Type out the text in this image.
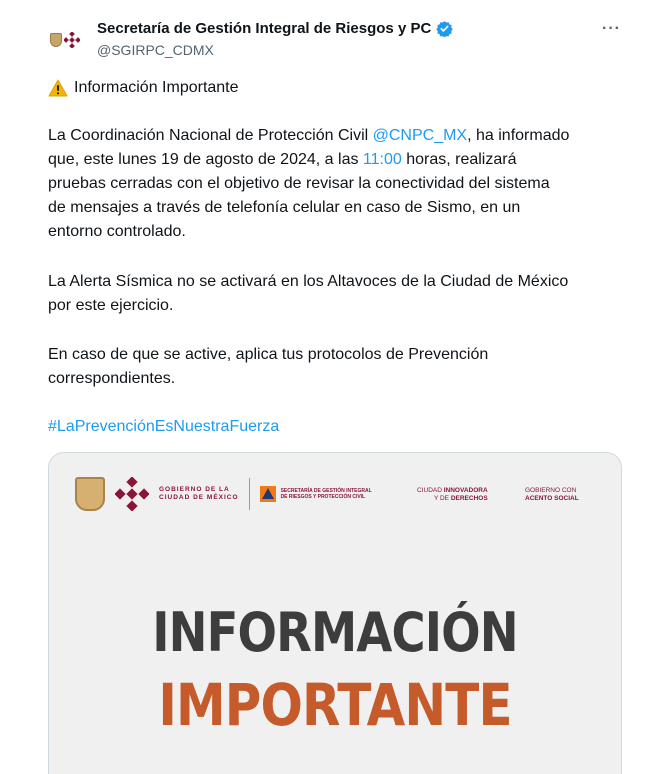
Secretaría de Gestión Integral de Riesgos y PC
@SGIRPC_CDMX
···
Información Importante
La Coordinación Nacional de Protección Civil @CNPC_MX, ha informado
que, este lunes 19 de agosto de 2024, a las 11:00 horas, realizará
pruebas cerradas con el objetivo de revisar la conectividad del sistema
de mensajes a través de telefonía celular en caso de Sismo, en un
entorno controlado.
La Alerta Sísmica no se activará en los Altavoces de la Ciudad de México
por este ejercicio.
En caso de que se active, aplica tus protocolos de Prevención
correspondientes.
#LaPrevenciónEsNuestraFuerza
GOBIERNO DE LA
CIUDAD DE MÉXICO
SECRETARÍA DE GESTIÓN INTEGRAL
DE RIESGOS Y PROTECCIÓN CIVIL
CIUDAD INNOVADORA
Y DE DERECHOS
GOBIERNO CON
ACENTO SOCIAL
INFORMACIÓN
IMPORTANTE
